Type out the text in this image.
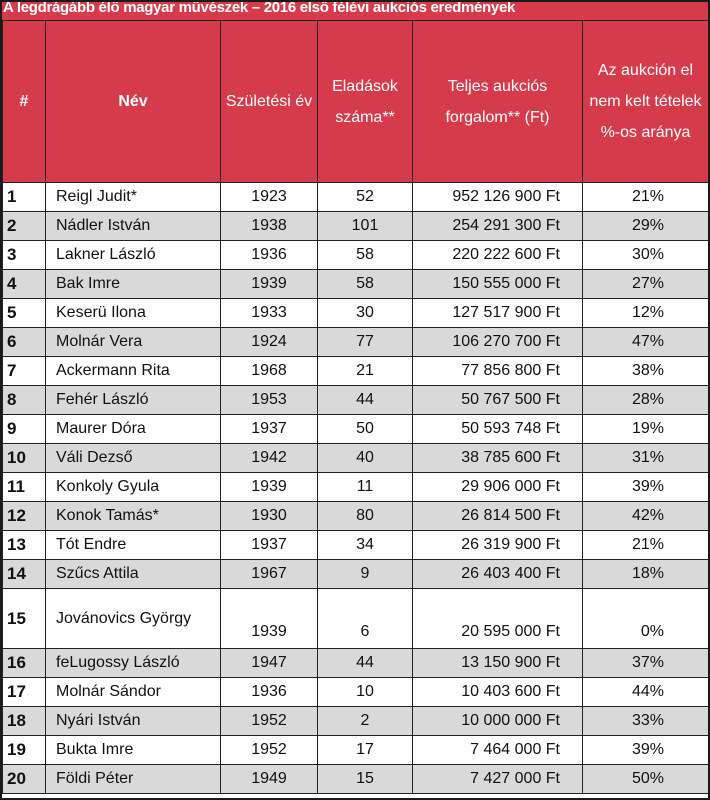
A legdrágább élő magyar művészek – 2016 első félévi aukciós eredmények
#	Név	Születési év	Eladások száma**	Teljes aukciós forgalom** (Ft)	Az aukción el nem kelt tételek %-os aránya

1	Reigl Judit*	1923	52	952 126 900 Ft	21%
2	Nádler István	1938	101	254 291 300 Ft	29%
3	Lakner László	1936	58	220 222 600 Ft	30%
4	Bak Imre	1939	58	150 555 000 Ft	27%
5	Keserü Ilona	1933	30	127 517 900 Ft	12%
6	Molnár Vera	1924	77	106 270 700 Ft	47%
7	Ackermann Rita	1968	21	77 856 800 Ft	38%
8	Fehér László	1953	44	50 767 500 Ft	28%
9	Maurer Dóra	1937	50	50 593 748 Ft	19%
10	Váli Dezső	1942	40	38 785 600 Ft	31%
11	Konkoly Gyula	1939	11	29 906 000 Ft	39%
12	Konok Tamás*	1930	80	26 814 500 Ft	42%
13	Tót Endre	1937	34	26 319 900 Ft	21%
14	Szűcs Attila	1967	9	26 403 400 Ft	18%
15	Jovánovics György	1939	6	20 595 000 Ft	0%
16	feLugossy László	1947	44	13 150 900 Ft	37%
17	Molnár Sándor	1936	10	10 403 600 Ft	44%
18	Nyári István	1952	2	10 000 000 Ft	33%
19	Bukta Imre	1952	17	7 464 000 Ft	39%
20	Földi Péter	1949	15	7 427 000 Ft	50%
